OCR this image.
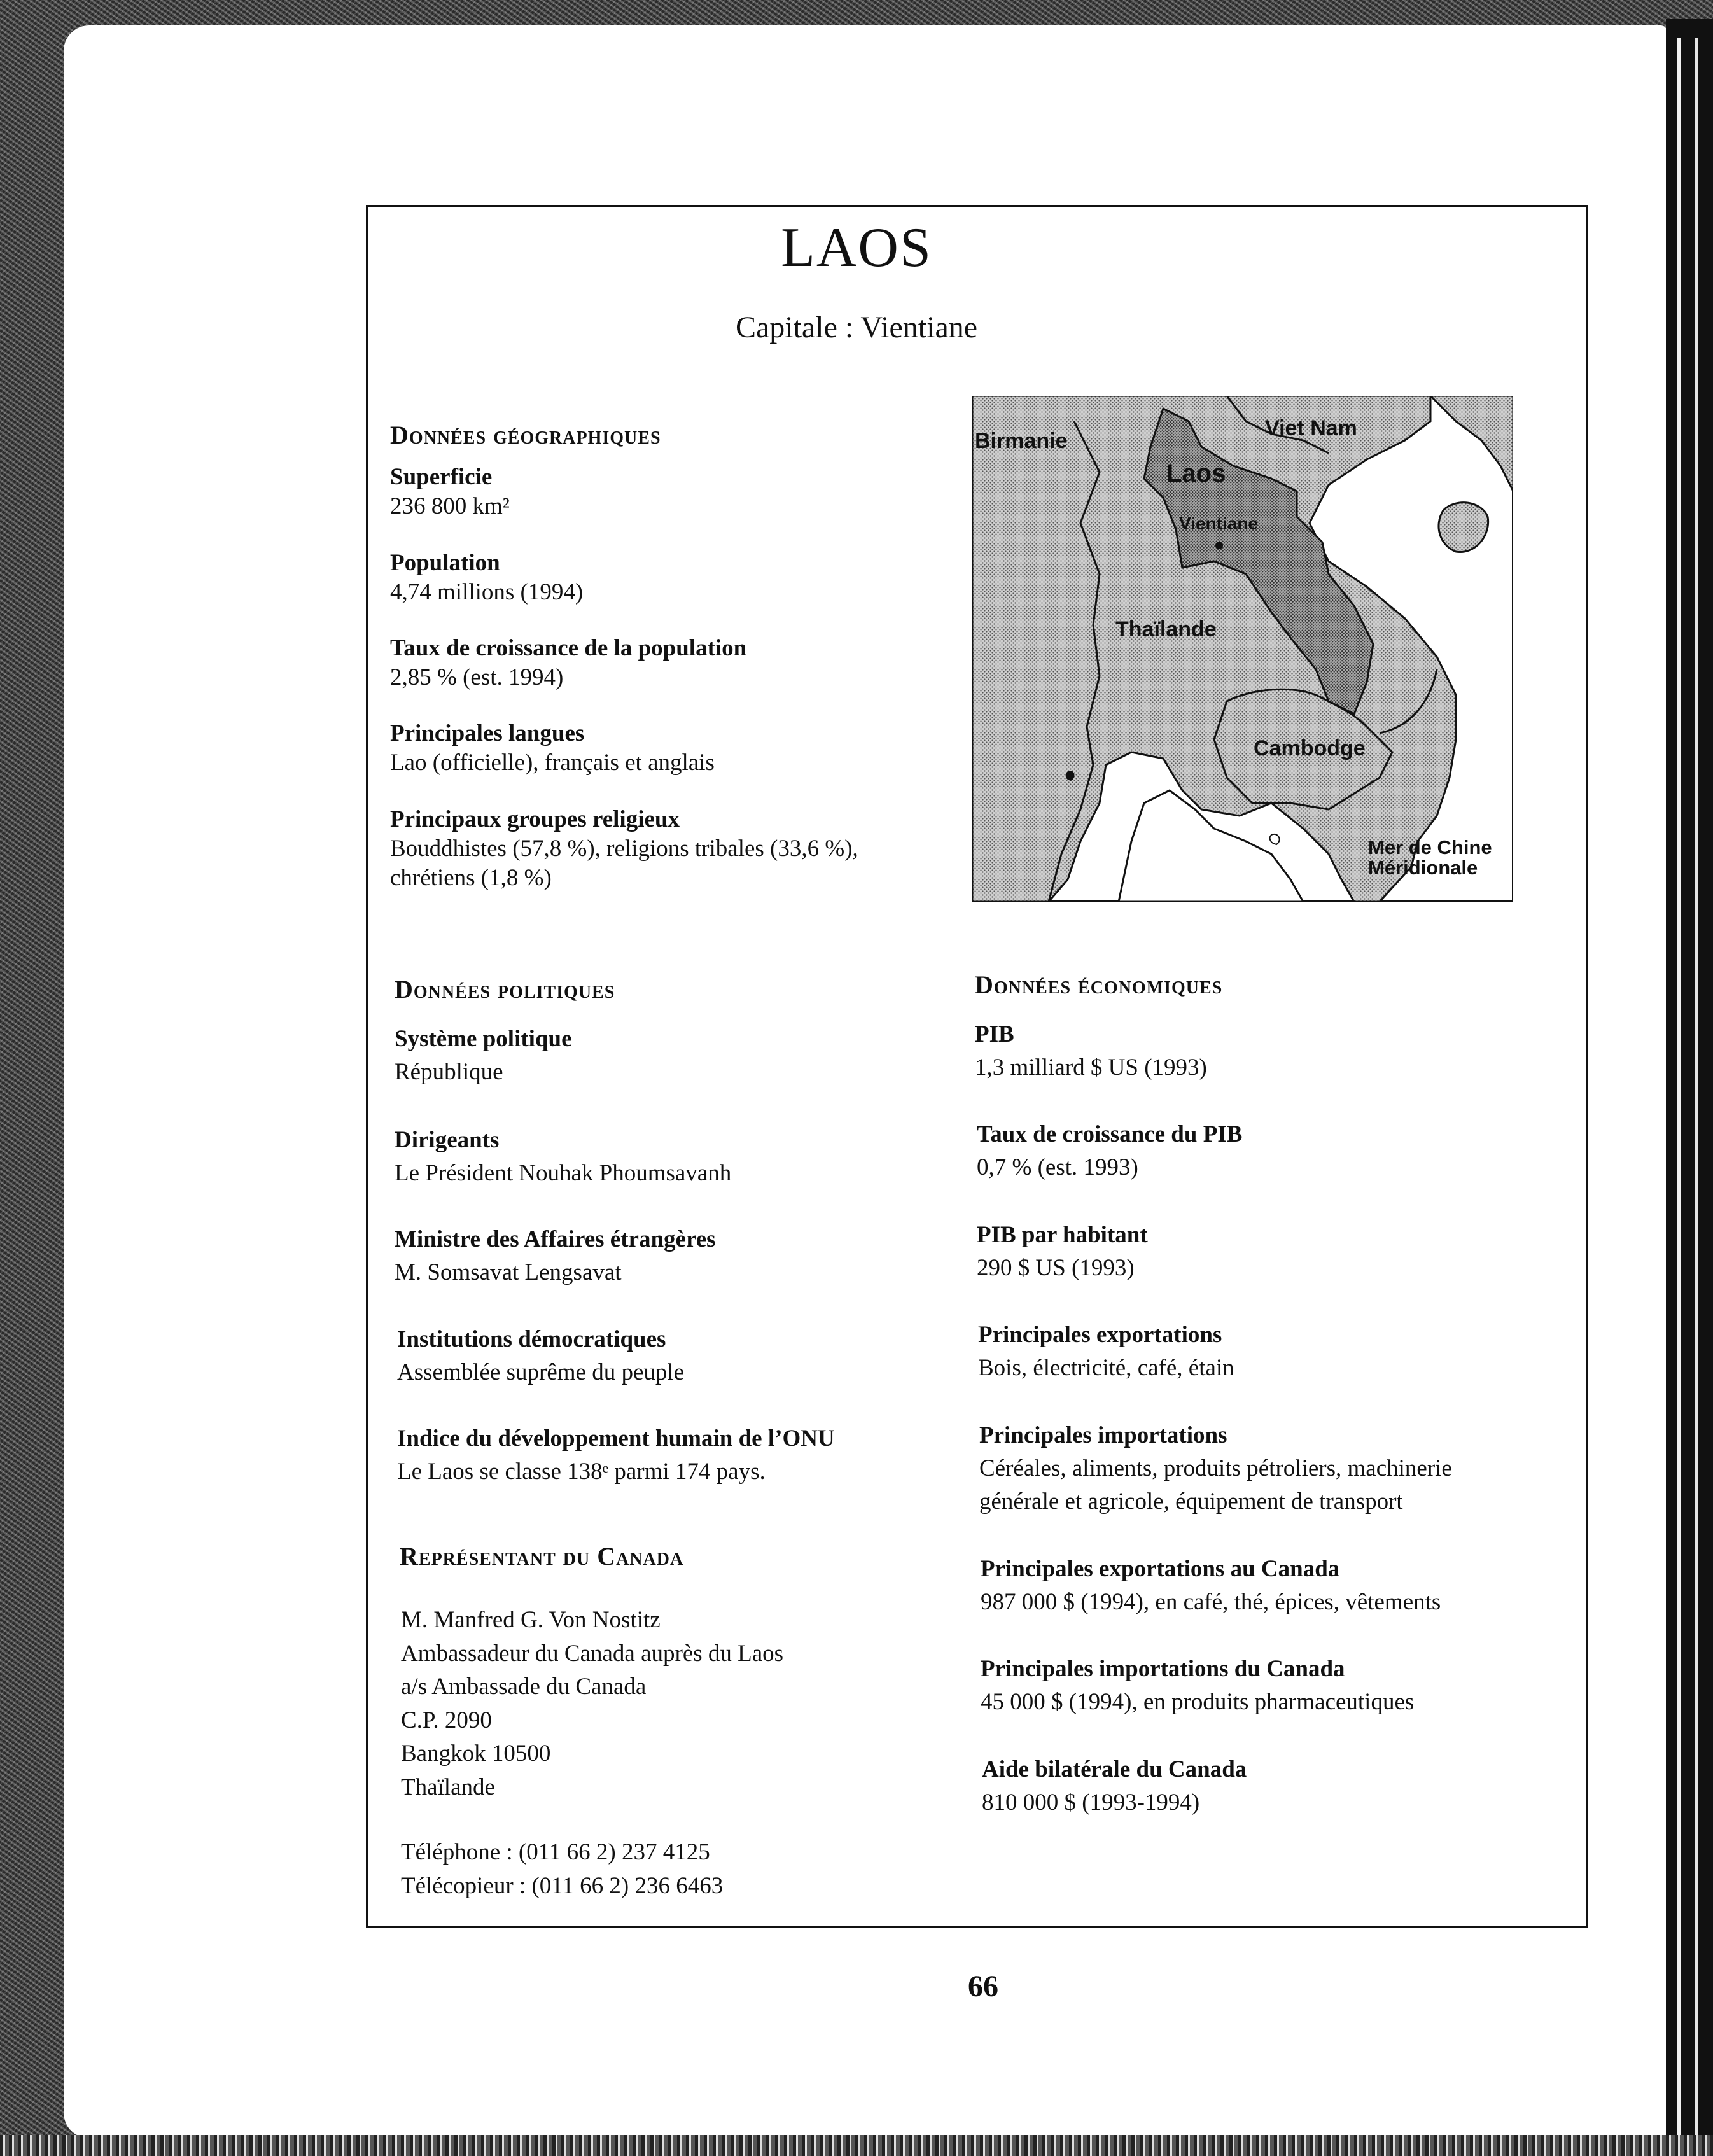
LAOS
Capitale : Vientiane
Birmanie
Viet Nam
Laos
Vientiane
Thaïlande
Cambodge
Mer de Chine
Méridionale
Données géographiques
Superficie
236 800 km²
Population
4,74 millions (1994)
Taux de croissance de la population
2,85 % (est. 1994)
Principales langues
Lao (officielle), français et anglais
Principaux groupes religieux
Bouddhistes (57,8 %), religions tribales (33,6 %),
chrétiens (1,8 %)
Données politiques
Système politique
République
Dirigeants
Le Président Nouhak Phoumsavanh
Ministre des Affaires étrangères
M. Somsavat Lengsavat
Institutions démocratiques
Assemblée suprême du peuple
Indice du développement humain de l’ONU
Le Laos se classe 138ᵉ parmi 174 pays.
Représentant du Canada
M. Manfred G. Von Nostitz
Ambassadeur du Canada auprès du Laos
a/s Ambassade du Canada
C.P. 2090
Bangkok 10500
Thaïlande
Téléphone : (011 66 2) 237 4125
Télécopieur : (011 66 2) 236 6463
Données économiques
PIB
1,3 milliard $ US (1993)
Taux de croissance du PIB
0,7 % (est. 1993)
PIB par habitant
290 $ US (1993)
Principales exportations
Bois, électricité, café, étain
Principales importations
Céréales, aliments, produits pétroliers, machinerie
générale et agricole, équipement de transport
Principales exportations au Canada
987 000 $ (1994), en café, thé, épices, vêtements
Principales importations du Canada
45 000 $ (1994), en produits pharmaceutiques
Aide bilatérale du Canada
810 000 $ (1993-1994)
66
